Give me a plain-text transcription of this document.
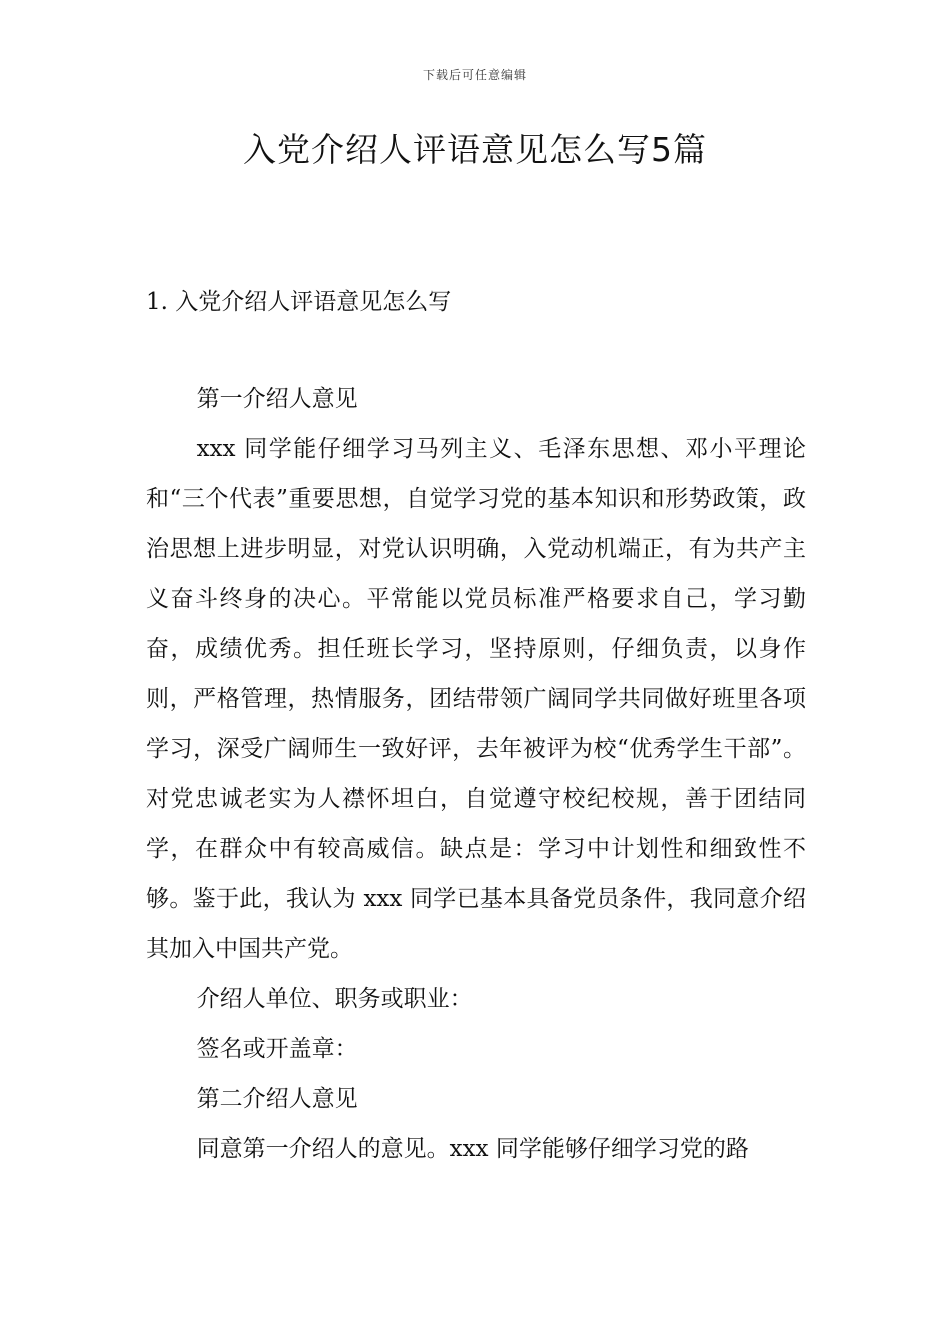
下载后可任意编辑
入党介绍人评语意见怎么写5篇
1. 入党介绍人评语意见怎么写

第一介绍人意见

xxx 同学能仔细学习马列主义、毛泽东思想、邓小平理论和“三个代表”重要思想，自觉学习党的基本知识和形势政策，政治思想上进步明显，对党认识明确，入党动机端正，有为共产主义奋斗终身的决心。平常能以党员标准严格要求自己，学习勤奋，成绩优秀。担任班长学习，坚持原则，仔细负责，以身作则，严格管理，热情服务，团结带领广阔同学共同做好班里各项学习，深受广阔师生一致好评，去年被评为校“优秀学生干部”。对党忠诚老实为人襟怀坦白，自觉遵守校纪校规，善于团结同学，在群众中有较高威信。缺点是：学习中计划性和细致性不够。鉴于此，我认为 xxx 同学已基本具备党员条件，我同意介绍其加入中国共产党。

介绍人单位、职务或职业：

签名或开盖章：

第二介绍人意见

同意第一介绍人的意见。xxx 同学能够仔细学习党的路
